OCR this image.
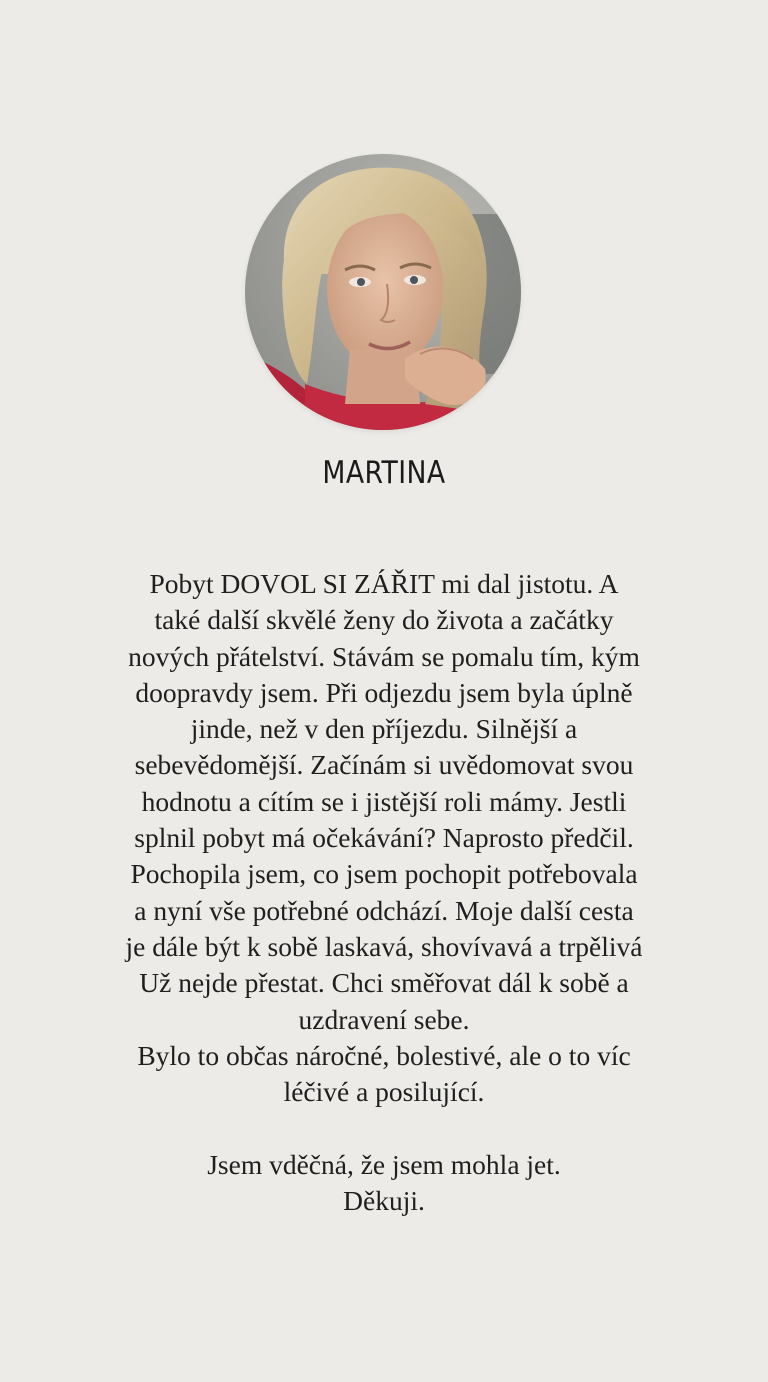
MARTINA
Pobyt DOVOL SI ZÁŘIT mi dal jistotu. A
také další skvělé ženy do života a začátky
nových přátelství. Stávám se pomalu tím, kým
doopravdy jsem. Při odjezdu jsem byla úplně
jinde, než v den příjezdu. Silnější a
sebevědomější. Začínám si uvědomovat svou
hodnotu a cítím se i jistější roli mámy. Jestli
splnil pobyt má očekávání? Naprosto předčil.
Pochopila jsem, co jsem pochopit potřebovala
a nyní vše potřebné odchází. Moje další cesta
je dále být k sobě laskavá, shovívavá a trpělivá
Už nejde přestat. Chci směřovat dál k sobě a
uzdravení sebe.
Bylo to občas náročné, bolestivé, ale o to víc
léčivé a posilující.
Jsem vděčná, že jsem mohla jet.
Děkuji.
